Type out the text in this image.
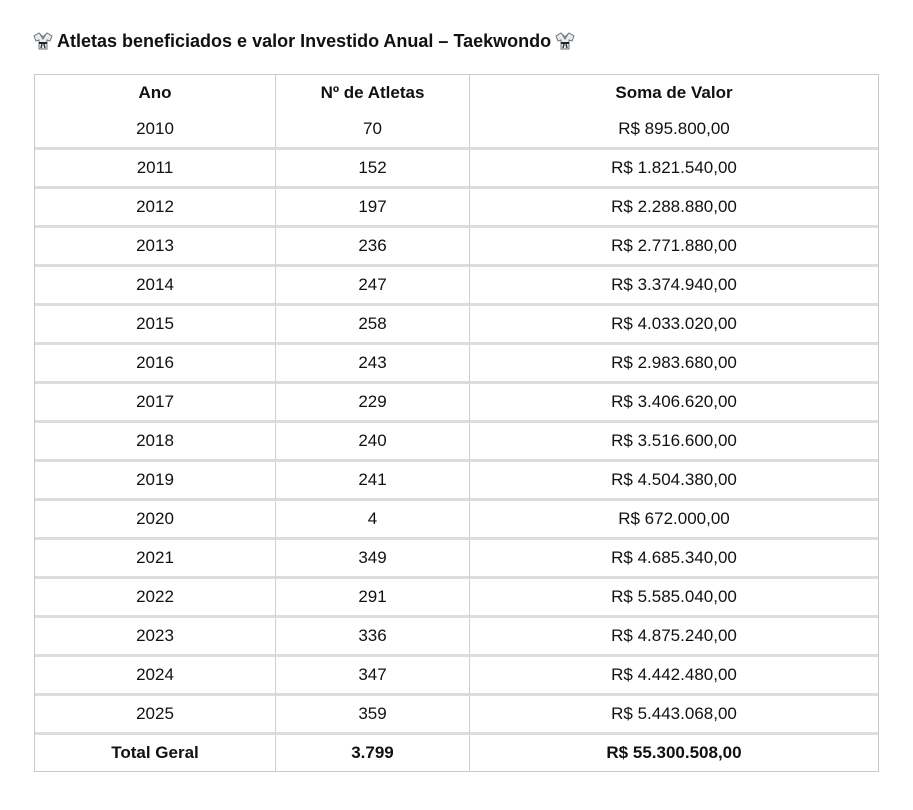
Atletas beneficiados e valor Investido Anual – Taekwondo
Ano	Nº de Atletas	Soma de Valor
2010	70	R$ 895.800,00
2011	152	R$ 1.821.540,00
2012	197	R$ 2.288.880,00
2013	236	R$ 2.771.880,00
2014	247	R$ 3.374.940,00
2015	258	R$ 4.033.020,00
2016	243	R$ 2.983.680,00
2017	229	R$ 3.406.620,00
2018	240	R$ 3.516.600,00
2019	241	R$ 4.504.380,00
2020	4	R$ 672.000,00
2021	349	R$ 4.685.340,00
2022	291	R$ 5.585.040,00
2023	336	R$ 4.875.240,00
2024	347	R$ 4.442.480,00
2025	359	R$ 5.443.068,00
Total Geral	3.799	R$ 55.300.508,00
